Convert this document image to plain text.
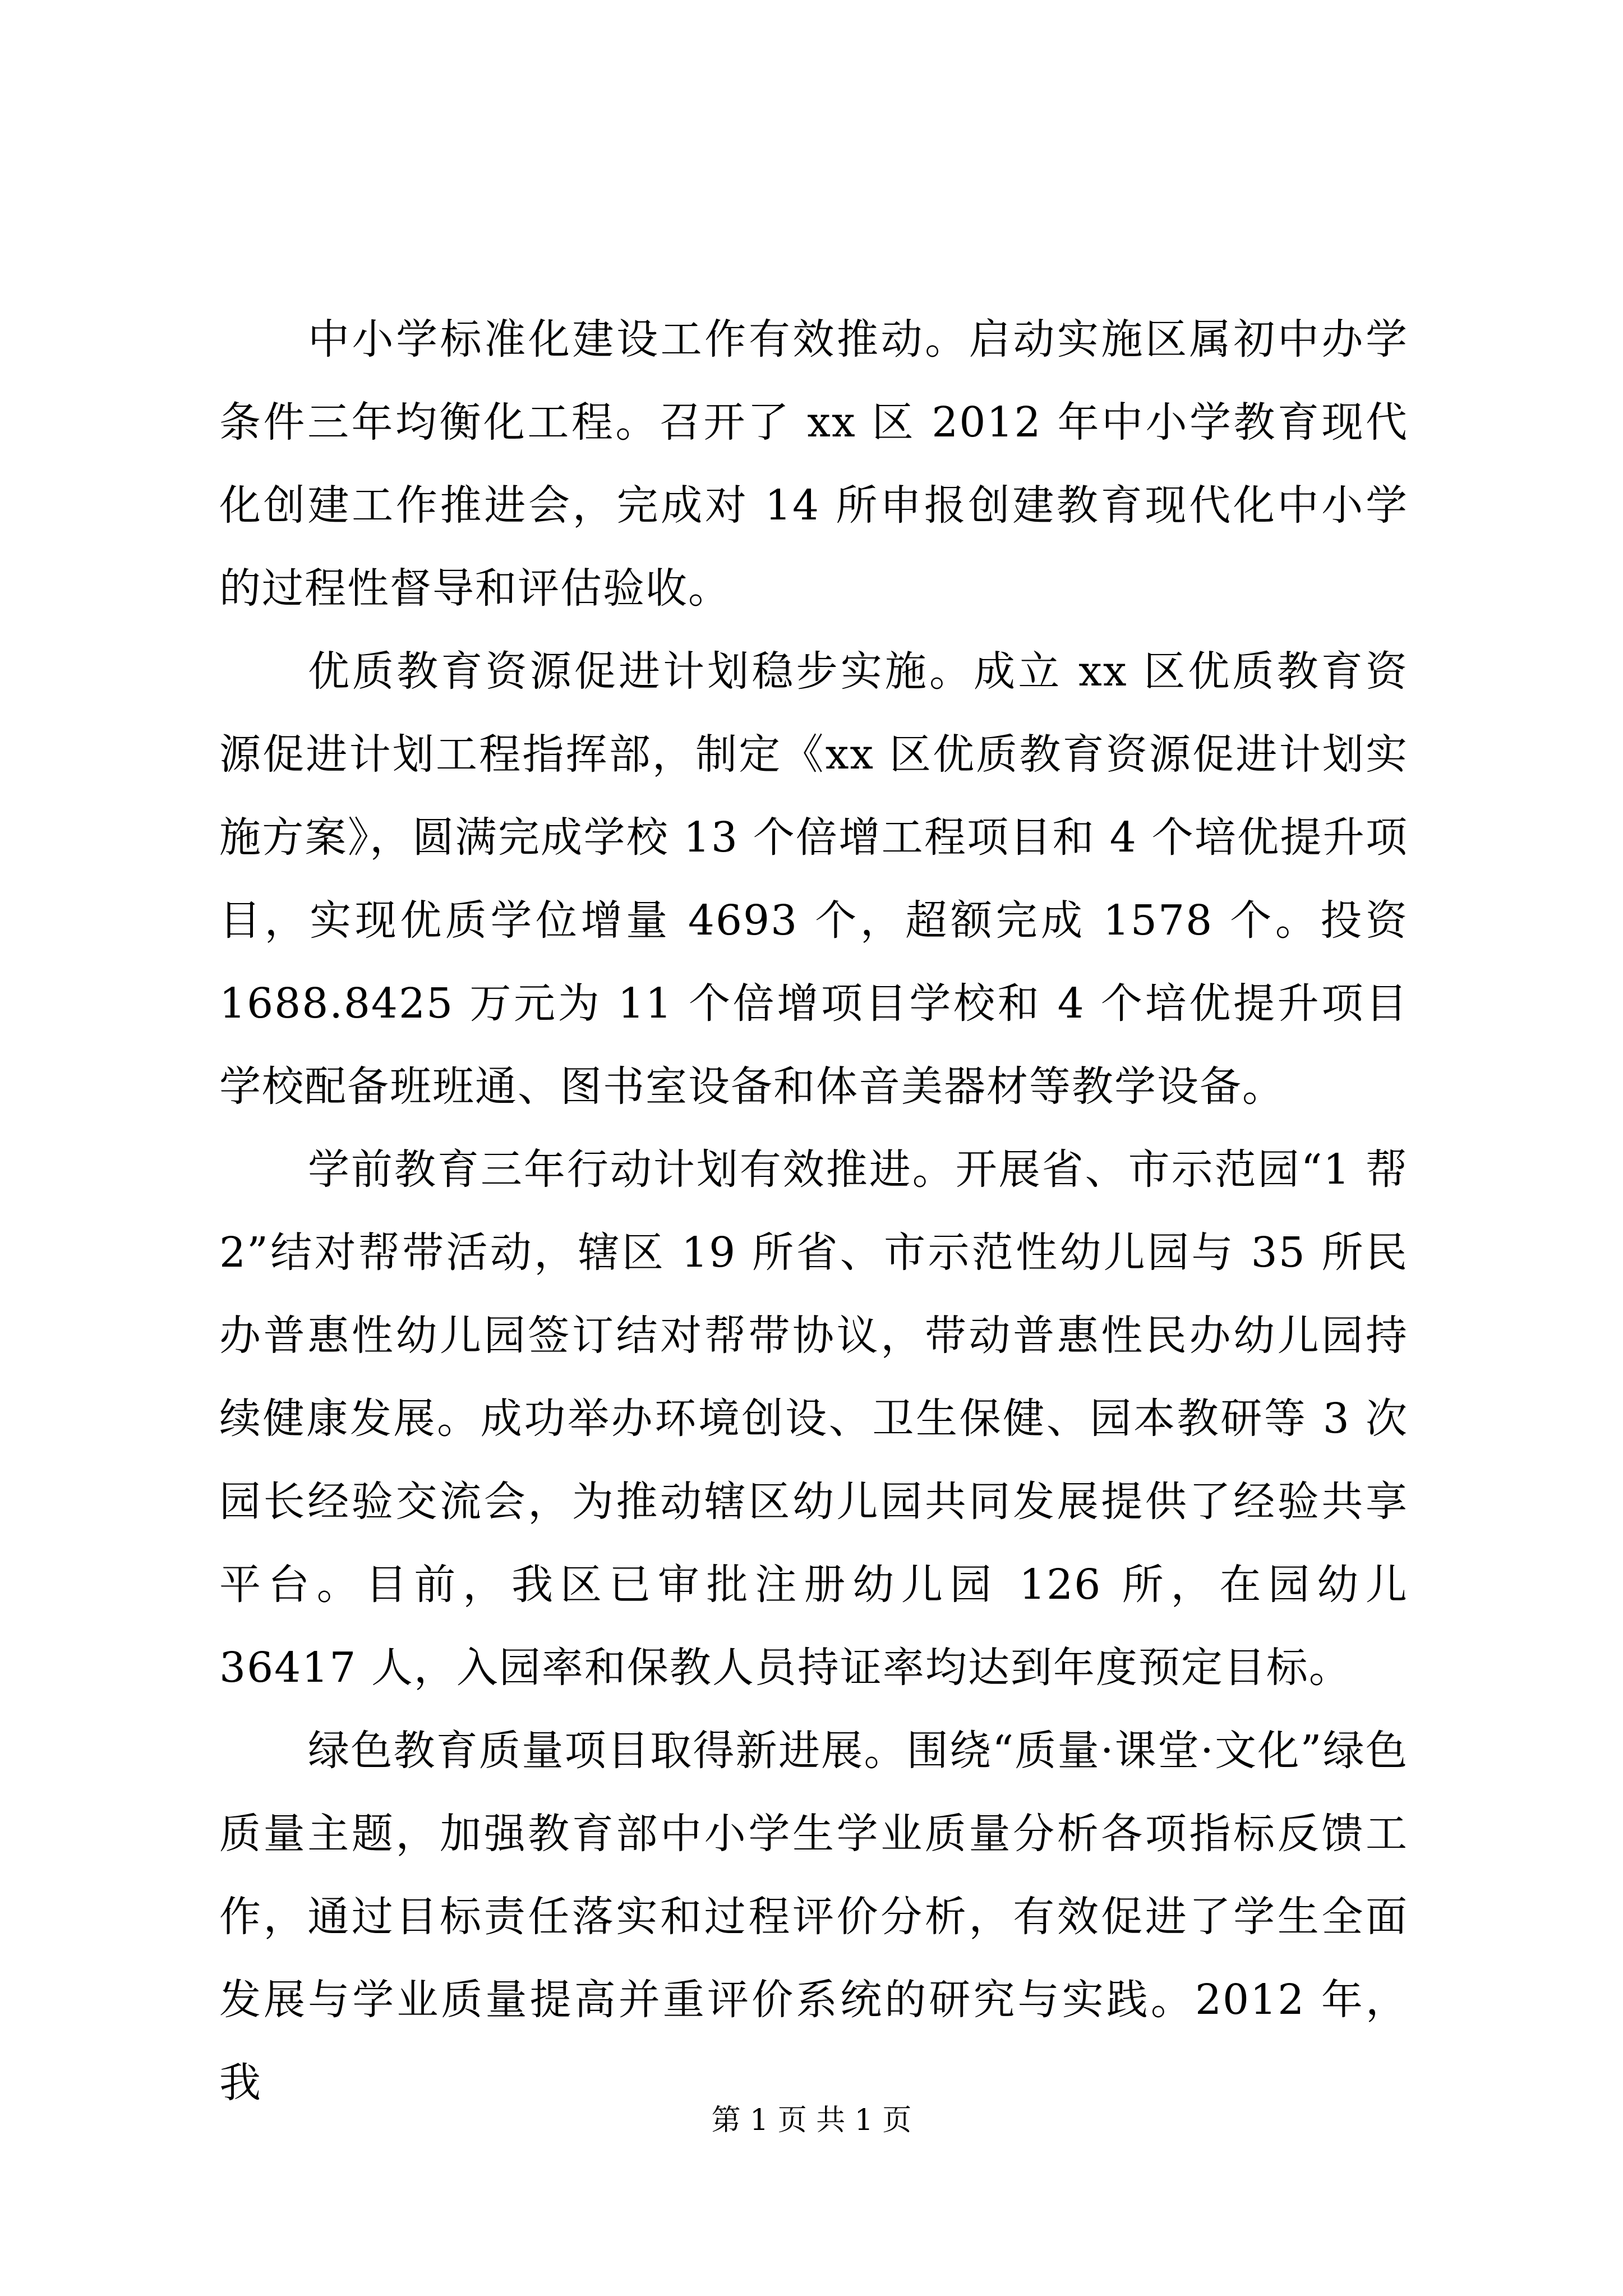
中小学标准化建设工作有效推动。启动实施区属初中办学条件三年均衡化工程。召开了 xx 区 2012 年中小学教育现代化创建工作推进会，完成对 14 所申报创建教育现代化中小学的过程性督导和评估验收。

优质教育资源促进计划稳步实施。成立 xx 区优质教育资源促进计划工程指挥部，制定《xx 区优质教育资源促进计划实施方案》，圆满完成学校 13 个倍增工程项目和 4 个培优提升项目，实现优质学位增量 4693 个，超额完成 1578 个。投资 1688.8425 万元为 11 个倍增项目学校和 4 个培优提升项目学校配备班班通、图书室设备和体音美器材等教学设备。

学前教育三年行动计划有效推进。开展省、市示范园“1 帮 2”结对帮带活动，辖区 19 所省、市示范性幼儿园与 35 所民办普惠性幼儿园签订结对帮带协议，带动普惠性民办幼儿园持续健康发展。成功举办环境创设、卫生保健、园本教研等 3 次园长经验交流会，为推动辖区幼儿园共同发展提供了经验共享平台。目前，我区已审批注册幼儿园 126 所，在园幼儿 36417 人，入园率和保教人员持证率均达到年度预定目标。

绿色教育质量项目取得新进展。围绕“质量·课堂·文化”绿色质量主题，加强教育部中小学生学业质量分析各项指标反馈工作，通过目标责任落实和过程评价分析，有效促进了学生全面发展与学业质量提高并重评价系统的研究与实践。2012 年，我

第 1 页 共 1 页
